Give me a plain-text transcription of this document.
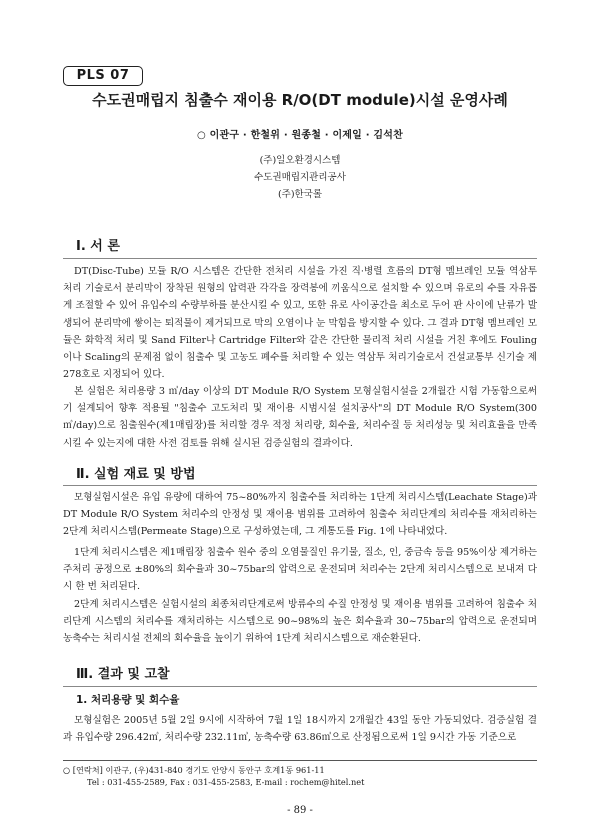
PLS 07
수도권매립지 침출수 재이용 R/O(DT module)시설 운영사례
○ 이관구 · 한철위 · 원종철 · 이제일 · 김석찬
(주)일오환경시스템
수도권매립지관리공사
(주)한국롤
Ⅰ. 서 론

DT(Disc-Tube) 모듈 R/O 시스템은 간단한 전처리 시설을 가진 직·병렬 흐름의 DT형 멤브레인 모듈 역삼투 처리 기술로서 분리막이 장착된 원형의 압력관 각각을 장력봉에 끼움식으로 설치할 수 있으며 유로의 수를 자유롭게 조절할 수 있어 유입수의 수량부하를 분산시킬 수 있고, 또한 유로 사이공간을 최소로 두어 판 사이에 난류가 발생되어 분리막에 쌓이는 퇴적물이 제거되므로 막의 오염이나 눈 막힘을 방지할 수 있다. 그 결과 DT형 멤브레인 모듈은 화학적 처리 및 Sand Filter나 Cartridge Filter와 같은 간단한 물리적 처리 시설을 거친 후에도 Fouling이나 Scaling의 문제점 없이 침출수 및 고농도 폐수를 처리할 수 있는 역삼투 처리기술로서 건설교통부 신기술 제278호로 지정되어 있다.

본 실험은 처리용량 3 ㎥/day 이상의 DT Module R/O System 모형실험시설을 2개월간 시험 가동함으로써 기 설계되어 향후 적용될 "침출수 고도처리 및 재이용 시범시설 설치공사"의 DT Module R/O System(300 ㎥/day)으로 침출원수(제1매립장)를 처리할 경우 적정 처리량, 회수율, 처리수질 등 처리성능 및 처리효율을 만족 시킬 수 있는지에 대한 사전 검토를 위해 실시된 검증실험의 결과이다.

Ⅱ. 실험 재료 및 방법

모형실험시설은 유입 유량에 대하여 75~80%까지 침출수를 처리하는 1단계 처리시스템(Leachate Stage)과 DT Module R/O System 처리수의 안정성 및 재이용 범위를 고려하여 침출수 처리단계의 처리수를 재처리하는 2단계 처리시스템(Permeate Stage)으로 구성하였는데, 그 계통도를 Fig. 1에 나타내었다.

1단계 처리시스템은 제1매립장 침출수 원수 중의 오염물질인 유기물, 질소, 인, 중금속 등을 95%이상 제거하는 주처리 공정으로 ±80%의 회수율과 30~75bar의 압력으로 운전되며 처리수는 2단계 처리시스템으로 보내져 다시 한 번 처리된다.

2단계 처리시스템은 실험시설의 최종처리단계로써 방류수의 수질 안정성 및 재이용 범위를 고려하여 침출수 처리단계 시스템의 처리수를 재처리하는 시스템으로 90~98%의 높은 회수율과 30~75bar의 압력으로 운전되며 농축수는 처리시설 전체의 회수율을 높이기 위하여 1단계 처리시스템으로 재순환된다.

Ⅲ. 결과 및 고찰
1. 처리용량 및 회수율

모형실험은 2005년 5월 2일 9시에 시작하여 7월 1일 18시까지 2개월간 43일 동안 가동되었다. 검증실험 결과 유입수량 296.42㎥, 처리수량 232.11㎥, 농축수량 63.86㎥으로 산정됨으로써 1일 9시간 가동 기준으로

○ [연락처] 이관구, (우)431-840 경기도 안양시 동안구 호계1동 961-11
Tel : 031-455-2589, Fax : 031-455-2583, E-mail : rochem@hitel.net
- 89 -
